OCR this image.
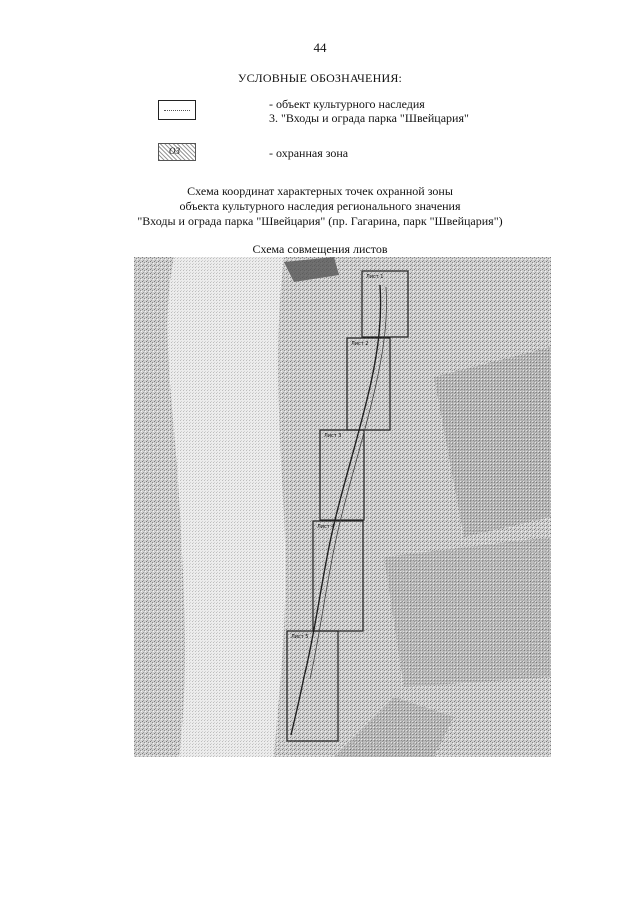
44
УСЛОВНЫЕ ОБОЗНАЧЕНИЯ:
- объект культурного наследия
3. "Входы и ограда парка "Швейцария"
ОЗ	- охранная зона
Схема координат характерных точек охранной зоны
объекта культурного наследия регионального значения
"Входы и ограда парка "Швейцария" (пр. Гагарина, парк "Швейцария")
Схема совмещения листов
Лист 1
Лист 2
Лист 3
Лист 4
Лист 5
